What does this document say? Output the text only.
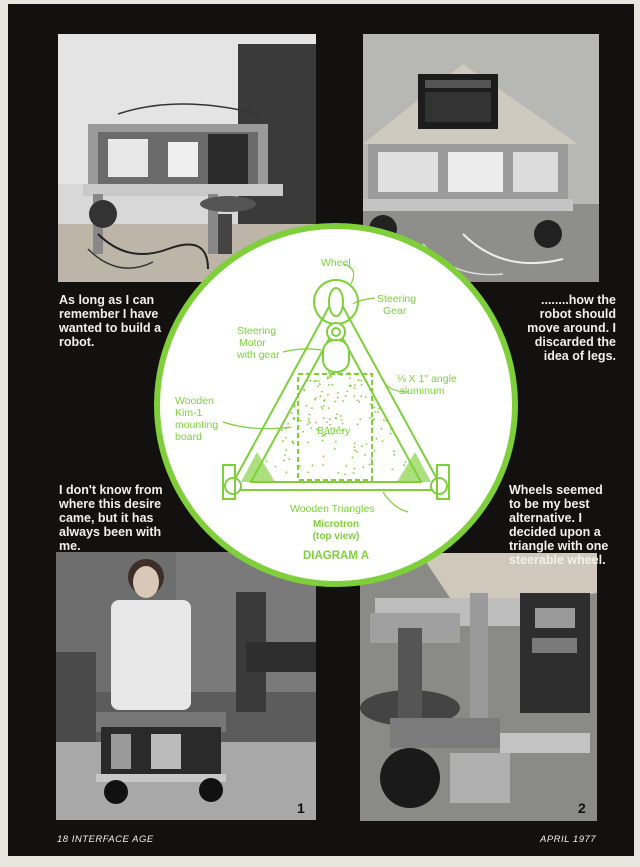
As long as I can remember I have wanted to build a robot.
........how the robot should move around. I discarded the idea of legs.
I don't know from where this desire came, but it has always been with me.
Wheels seemed to be my best alternative. I decided upon a triangle with one steerable wheel.
Wheel
Steering
Gear
Steering
Motor
with gear
⅛ X 1" angle
aluminum
Wooden
Kim-1
mounting
board	Battery
Wooden Triangles
Microtron
(top view)
DIAGRAM A
1	2
18 INTERFACE AGE	APRIL 1977
